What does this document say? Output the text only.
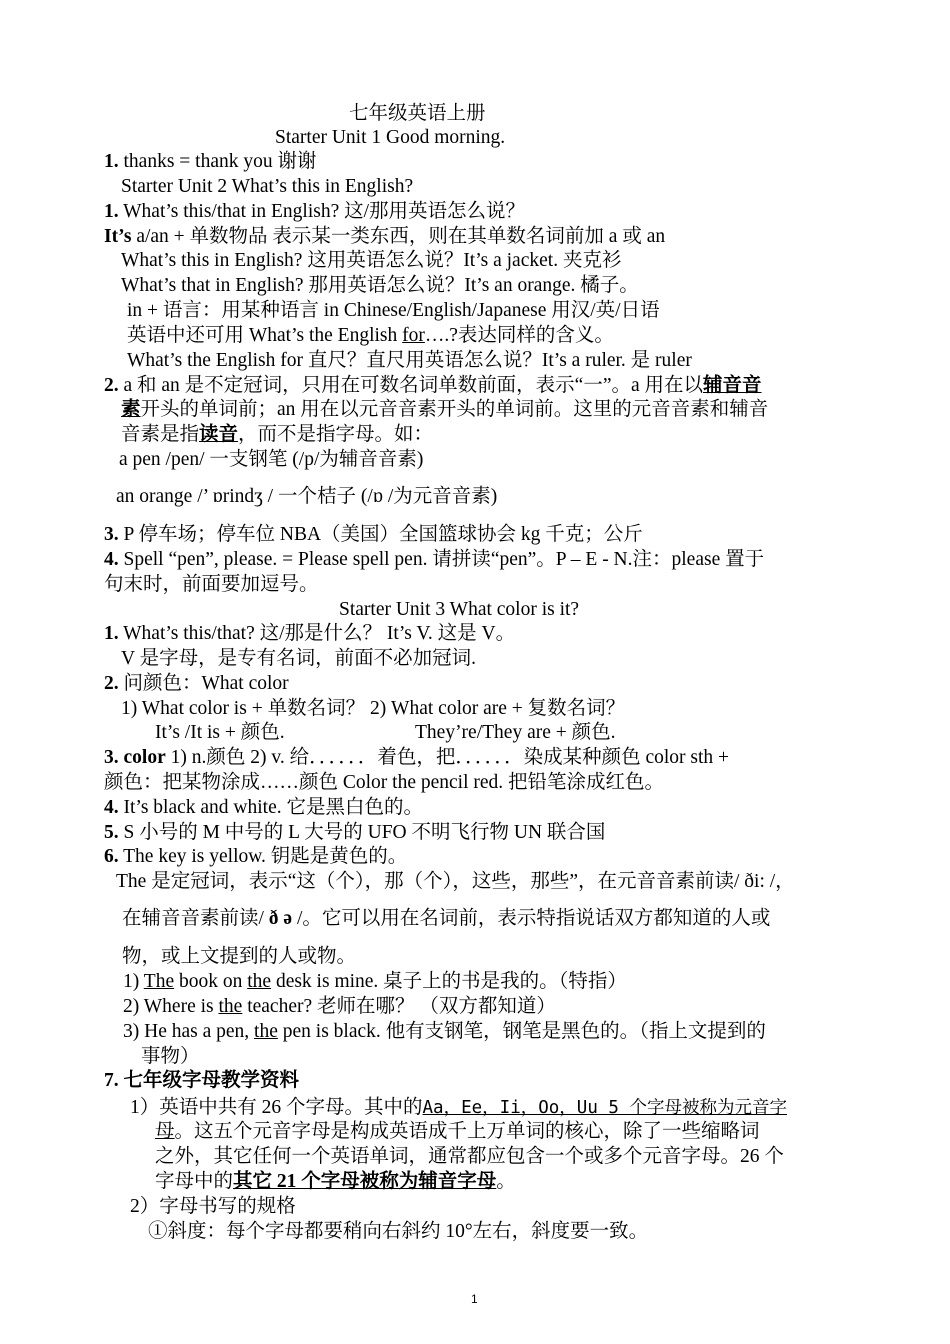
七年级英语上册
Starter Unit 1 Good morning.
1. thanks = thank you 谢谢
Starter Unit 2 What’s this in English?
1. What’s this/that in English? 这/那用英语怎么说？
It’s a/an + 单数物品 表示某一类东西，则在其单数名词前加 a 或 an
What’s this in English? 这用英语怎么说？It’s a jacket. 夹克衫
What’s that in English? 那用英语怎么说？It’s an orange. 橘子。
in + 语言：用某种语言 in Chinese/English/Japanese 用汉/英/日语
英语中还可用 What’s the English for….?表达同样的含义。
What’s the English for 直尺？直尺用英语怎么说？It’s a ruler. 是 ruler
2. a 和 an 是不定冠词，只用在可数名词单数前面，表示“一”。a 用在以辅音音
素开头的单词前；an 用在以元音音素开头的单词前。这里的元音音素和辅音
音素是指读音，而不是指字母。如：
a pen /pen/ 一支钢笔 (/p/为辅音音素)
an orange /’ ɒrindʒ / 一个桔子 (/ɒ /为元音音素)
3. P 停车场；停车位 NBA（美国）全国篮球协会 kg 千克；公斤
4. Spell “pen”, please. = Please spell pen. 请拼读“pen”。P – E - N.注：please 置于
句末时，前面要加逗号。
Starter Unit 3 What color is it?
1. What’s this/that? 这/那是什么？ It’s V. 这是 V。
V 是字母，是专有名词，前面不必加冠词.
2. 问颜色：What color
1) What color is + 单数名词？ 2) What color are + 复数名词？
It’s /It is + 颜色.	They’re/They are + 颜色.
3. color 1) n.颜色 2) v. 给．．．．．．着色，把．．．．．．染成某种颜色 color sth +
颜色：把某物涂成……颜色 Color the pencil red. 把铅笔涂成红色。
4. It’s black and white. 它是黑白色的。
5. S 小号的 M 中号的 L 大号的 UFO 不明飞行物 UN 联合国
6. The key is yellow. 钥匙是黄色的。
The 是定冠词，表示“这（个），那（个），这些，那些”，在元音音素前读/ ði: /，
在辅音音素前读/ ð ə /。它可以用在名词前，表示特指说话双方都知道的人或
物，或上文提到的人或物。
1) The book on the desk is mine. 桌子上的书是我的。（特指）
2) Where is the teacher? 老师在哪？ （双方都知道）
3) He has a pen, the pen is black. 他有支钢笔，钢笔是黑色的。（指上文提到的
事物）
7. 七年级字母教学资料
1）英语中共有 26 个字母。其中的Aa，Ee，Ii，Oo，Uu 5 个字母被称为元音字
母。这五个元音字母是构成英语成千上万单词的核心，除了一些缩略词
之外，其它任何一个英语单词，通常都应包含一个或多个元音字母。26 个
字母中的其它 21 个字母被称为辅音字母。
2）字母书写的规格
①斜度：每个字母都要稍向右斜约 10°左右，斜度要一致。
1
